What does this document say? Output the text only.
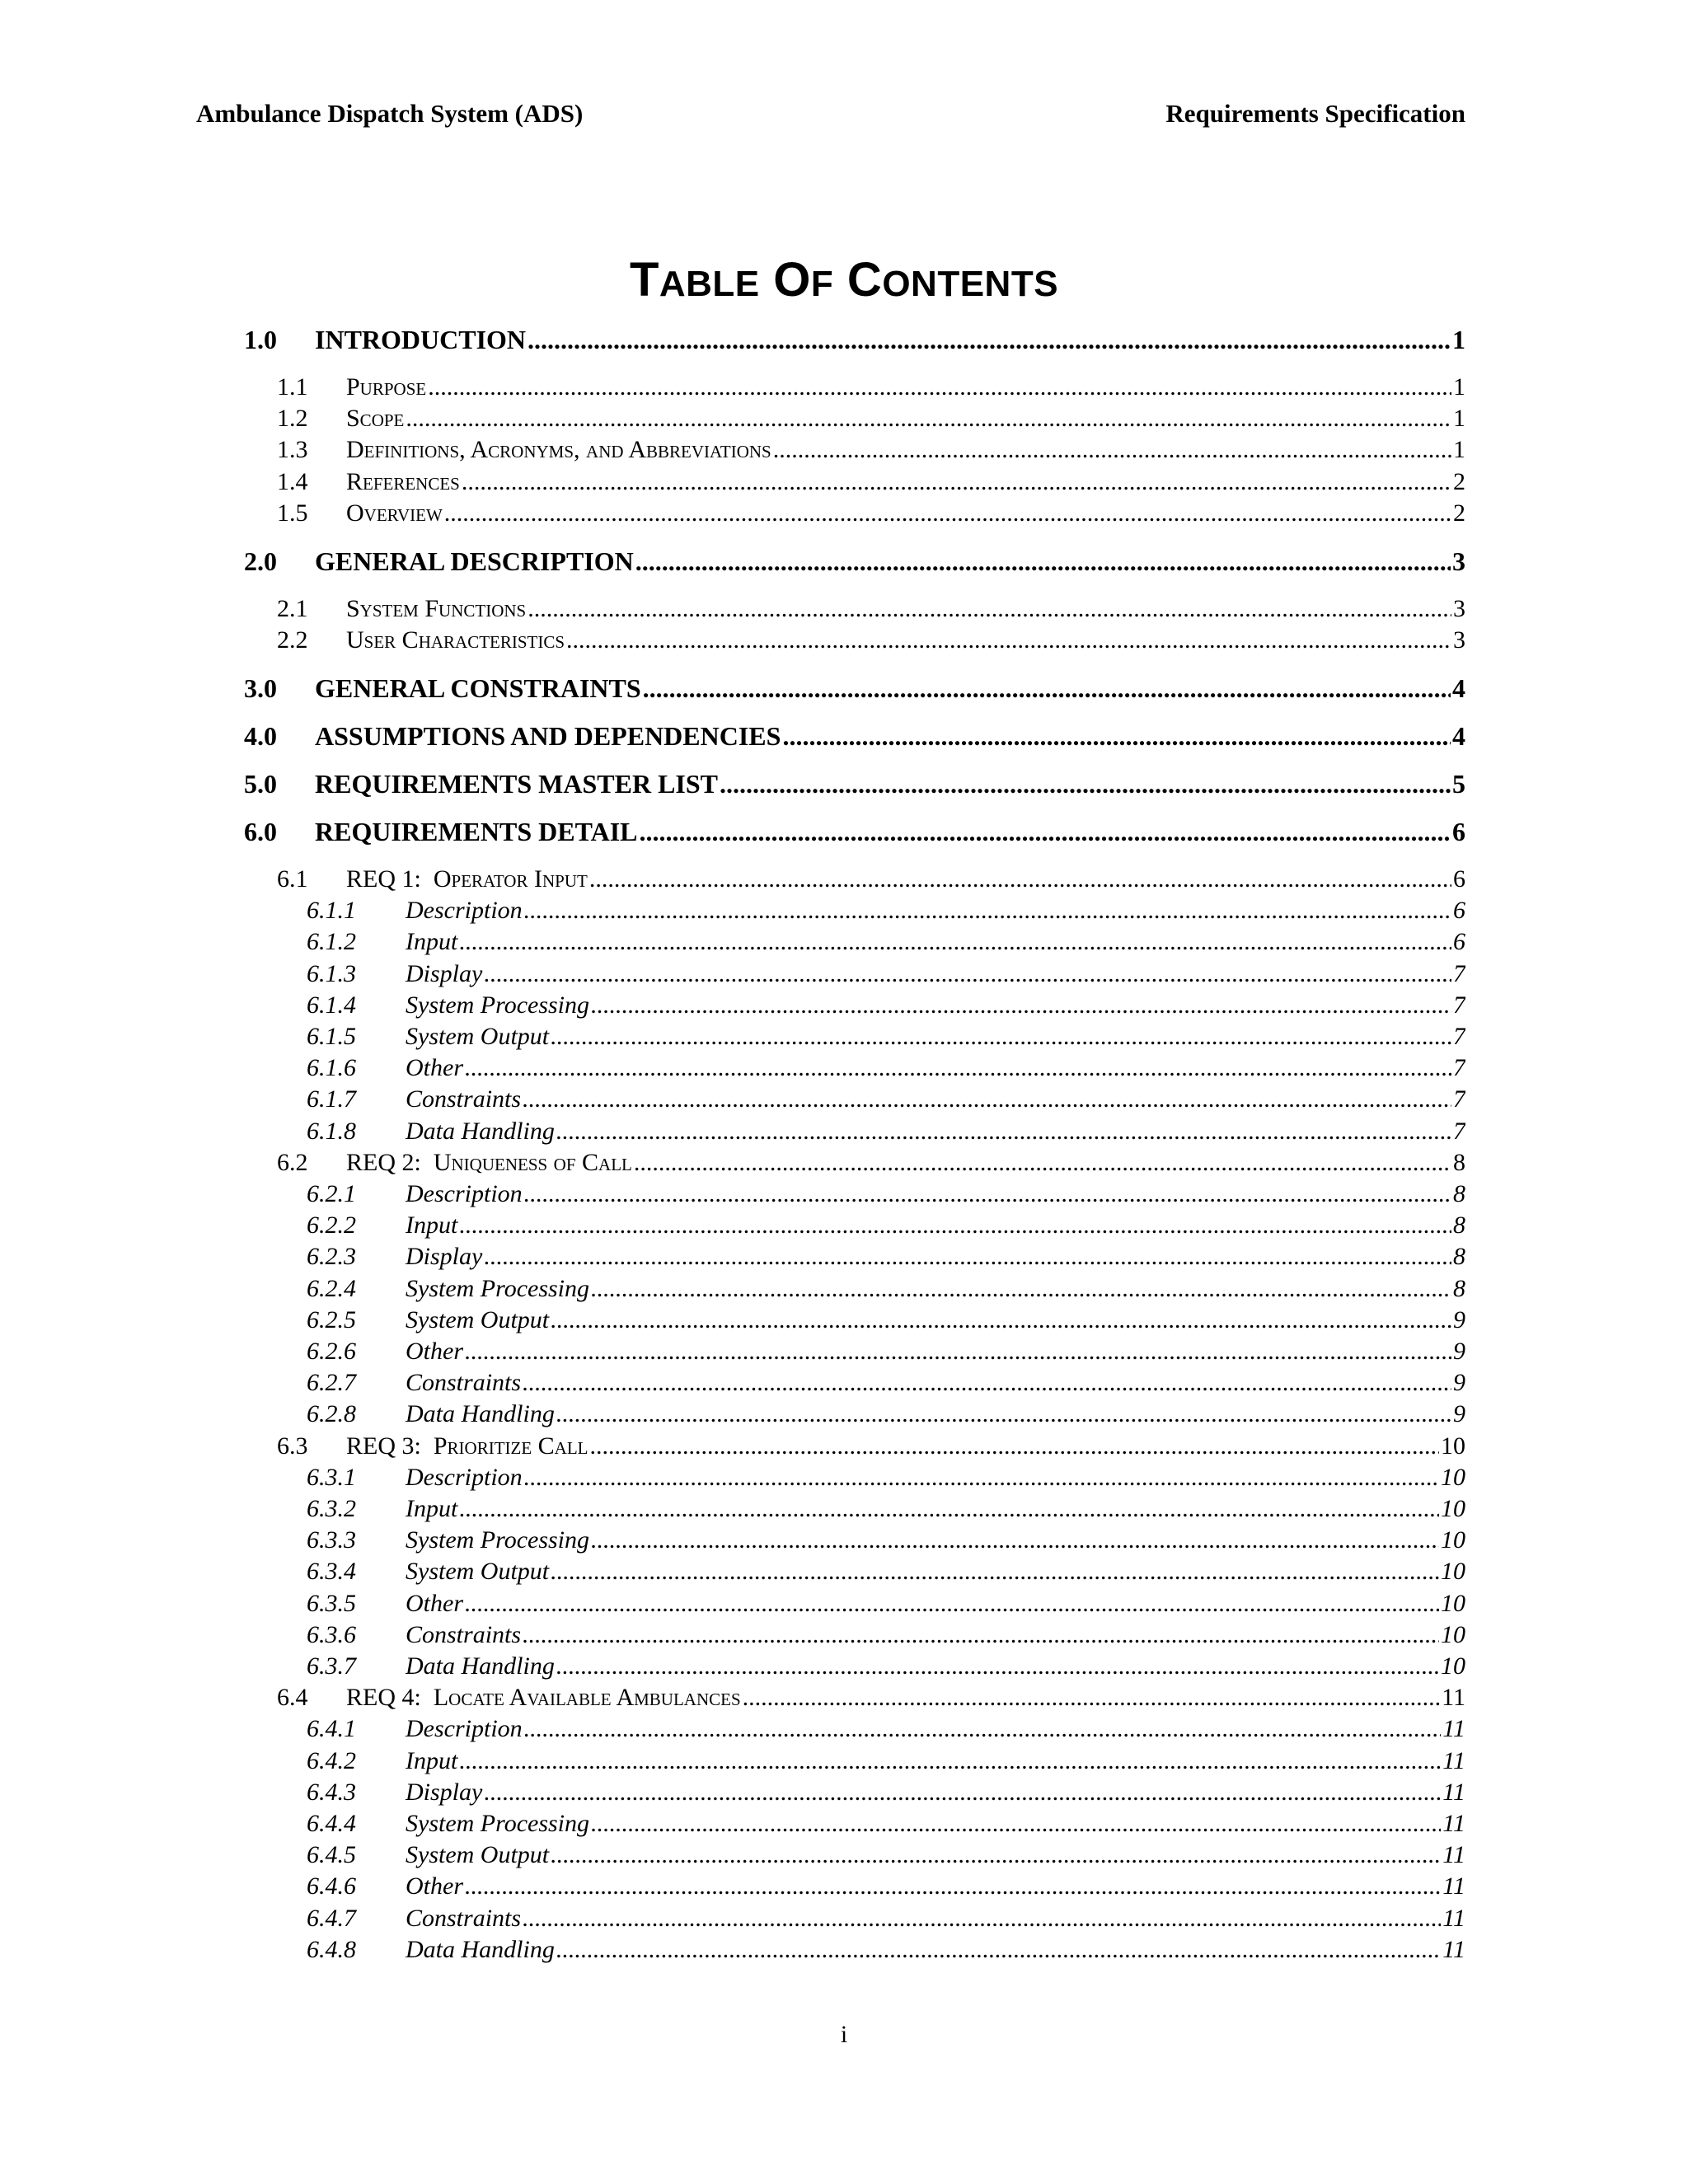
Ambulance Dispatch System (ADS)	Requirements Specification
TABLE OF CONTENTS
1.0	INTRODUCTION .....	1
1.1	Purpose .....	1
1.2	Scope .....	1
1.3	Definitions, Acronyms, and Abbreviations .....	1
1.4	References .....	2
1.5	Overview .....	2
2.0	GENERAL DESCRIPTION .....	3
2.1	System Functions .....	3
2.2	User Characteristics .....	3
3.0	GENERAL CONSTRAINTS .....	4
4.0	ASSUMPTIONS AND DEPENDENCIES .....	4
5.0	REQUIREMENTS MASTER LIST .....	5
6.0	REQUIREMENTS DETAIL .....	6
6.1	REQ 1: Operator Input .....	6
6.1.1	Description .....	6
6.1.2	Input .....	6
6.1.3	Display .....	7
6.1.4	System Processing .....	7
6.1.5	System Output .....	7
6.1.6	Other .....	7
6.1.7	Constraints .....	7
6.1.8	Data Handling .....	7
6.2	REQ 2: Uniqueness of Call .....	8
6.2.1	Description .....	8
6.2.2	Input .....	8
6.2.3	Display .....	8
6.2.4	System Processing .....	8
6.2.5	System Output .....	9
6.2.6	Other .....	9
6.2.7	Constraints .....	9
6.2.8	Data Handling .....	9
6.3	REQ 3: Prioritize Call .....	10
6.3.1	Description .....	10
6.3.2	Input .....	10
6.3.3	System Processing .....	10
6.3.4	System Output .....	10
6.3.5	Other .....	10
6.3.6	Constraints .....	10
6.3.7	Data Handling .....	10
6.4	REQ 4: Locate Available Ambulances .....	11
6.4.1	Description .....	11
6.4.2	Input .....	11
6.4.3	Display .....	11
6.4.4	System Processing .....	11
6.4.5	System Output .....	11
6.4.6	Other .....	11
6.4.7	Constraints .....	11
6.4.8	Data Handling .....	11
i
